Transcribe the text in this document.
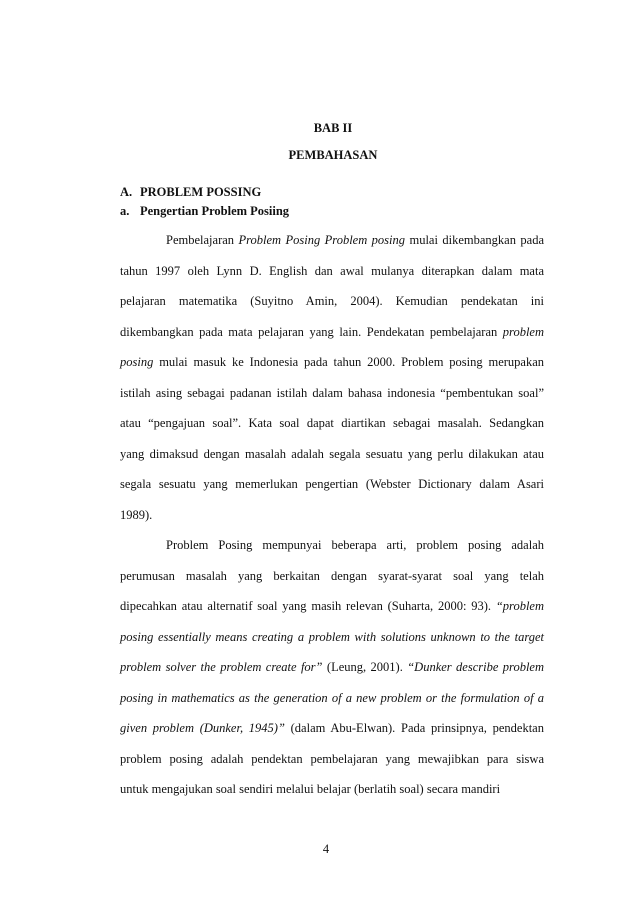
BAB II
PEMBAHASAN
A. PROBLEM POSSING
a. Pengertian Problem Posiing
Pembelajaran Problem Posing Problem posing mulai dikembangkan pada
tahun 1997 oleh Lynn D. English dan awal mulanya diterapkan dalam mata
pelajaran matematika (Suyitno Amin, 2004). Kemudian pendekatan ini
dikembangkan pada mata pelajaran yang lain. Pendekatan pembelajaran problem
posing mulai masuk ke Indonesia pada tahun 2000. Problem posing merupakan
istilah asing sebagai padanan istilah dalam bahasa indonesia “pembentukan soal”
atau “pengajuan soal”. Kata soal dapat diartikan sebagai masalah. Sedangkan
yang dimaksud dengan masalah adalah segala sesuatu yang perlu dilakukan atau
segala sesuatu yang memerlukan pengertian (Webster Dictionary dalam Asari
1989).
Problem Posing mempunyai beberapa arti, problem posing adalah
perumusan masalah yang berkaitan dengan syarat-syarat soal yang telah
dipecahkan atau alternatif soal yang masih relevan (Suharta, 2000: 93). “problem
posing essentially means creating a problem with solutions unknown to the target
problem solver the problem create for” (Leung, 2001). “Dunker describe problem
posing in mathematics as the generation of a new problem or the formulation of a
given problem (Dunker, 1945)” (dalam Abu-Elwan). Pada prinsipnya, pendektan
problem posing adalah pendektan pembelajaran yang mewajibkan para siswa
untuk mengajukan soal sendiri melalui belajar (berlatih soal) secara mandiri
4
